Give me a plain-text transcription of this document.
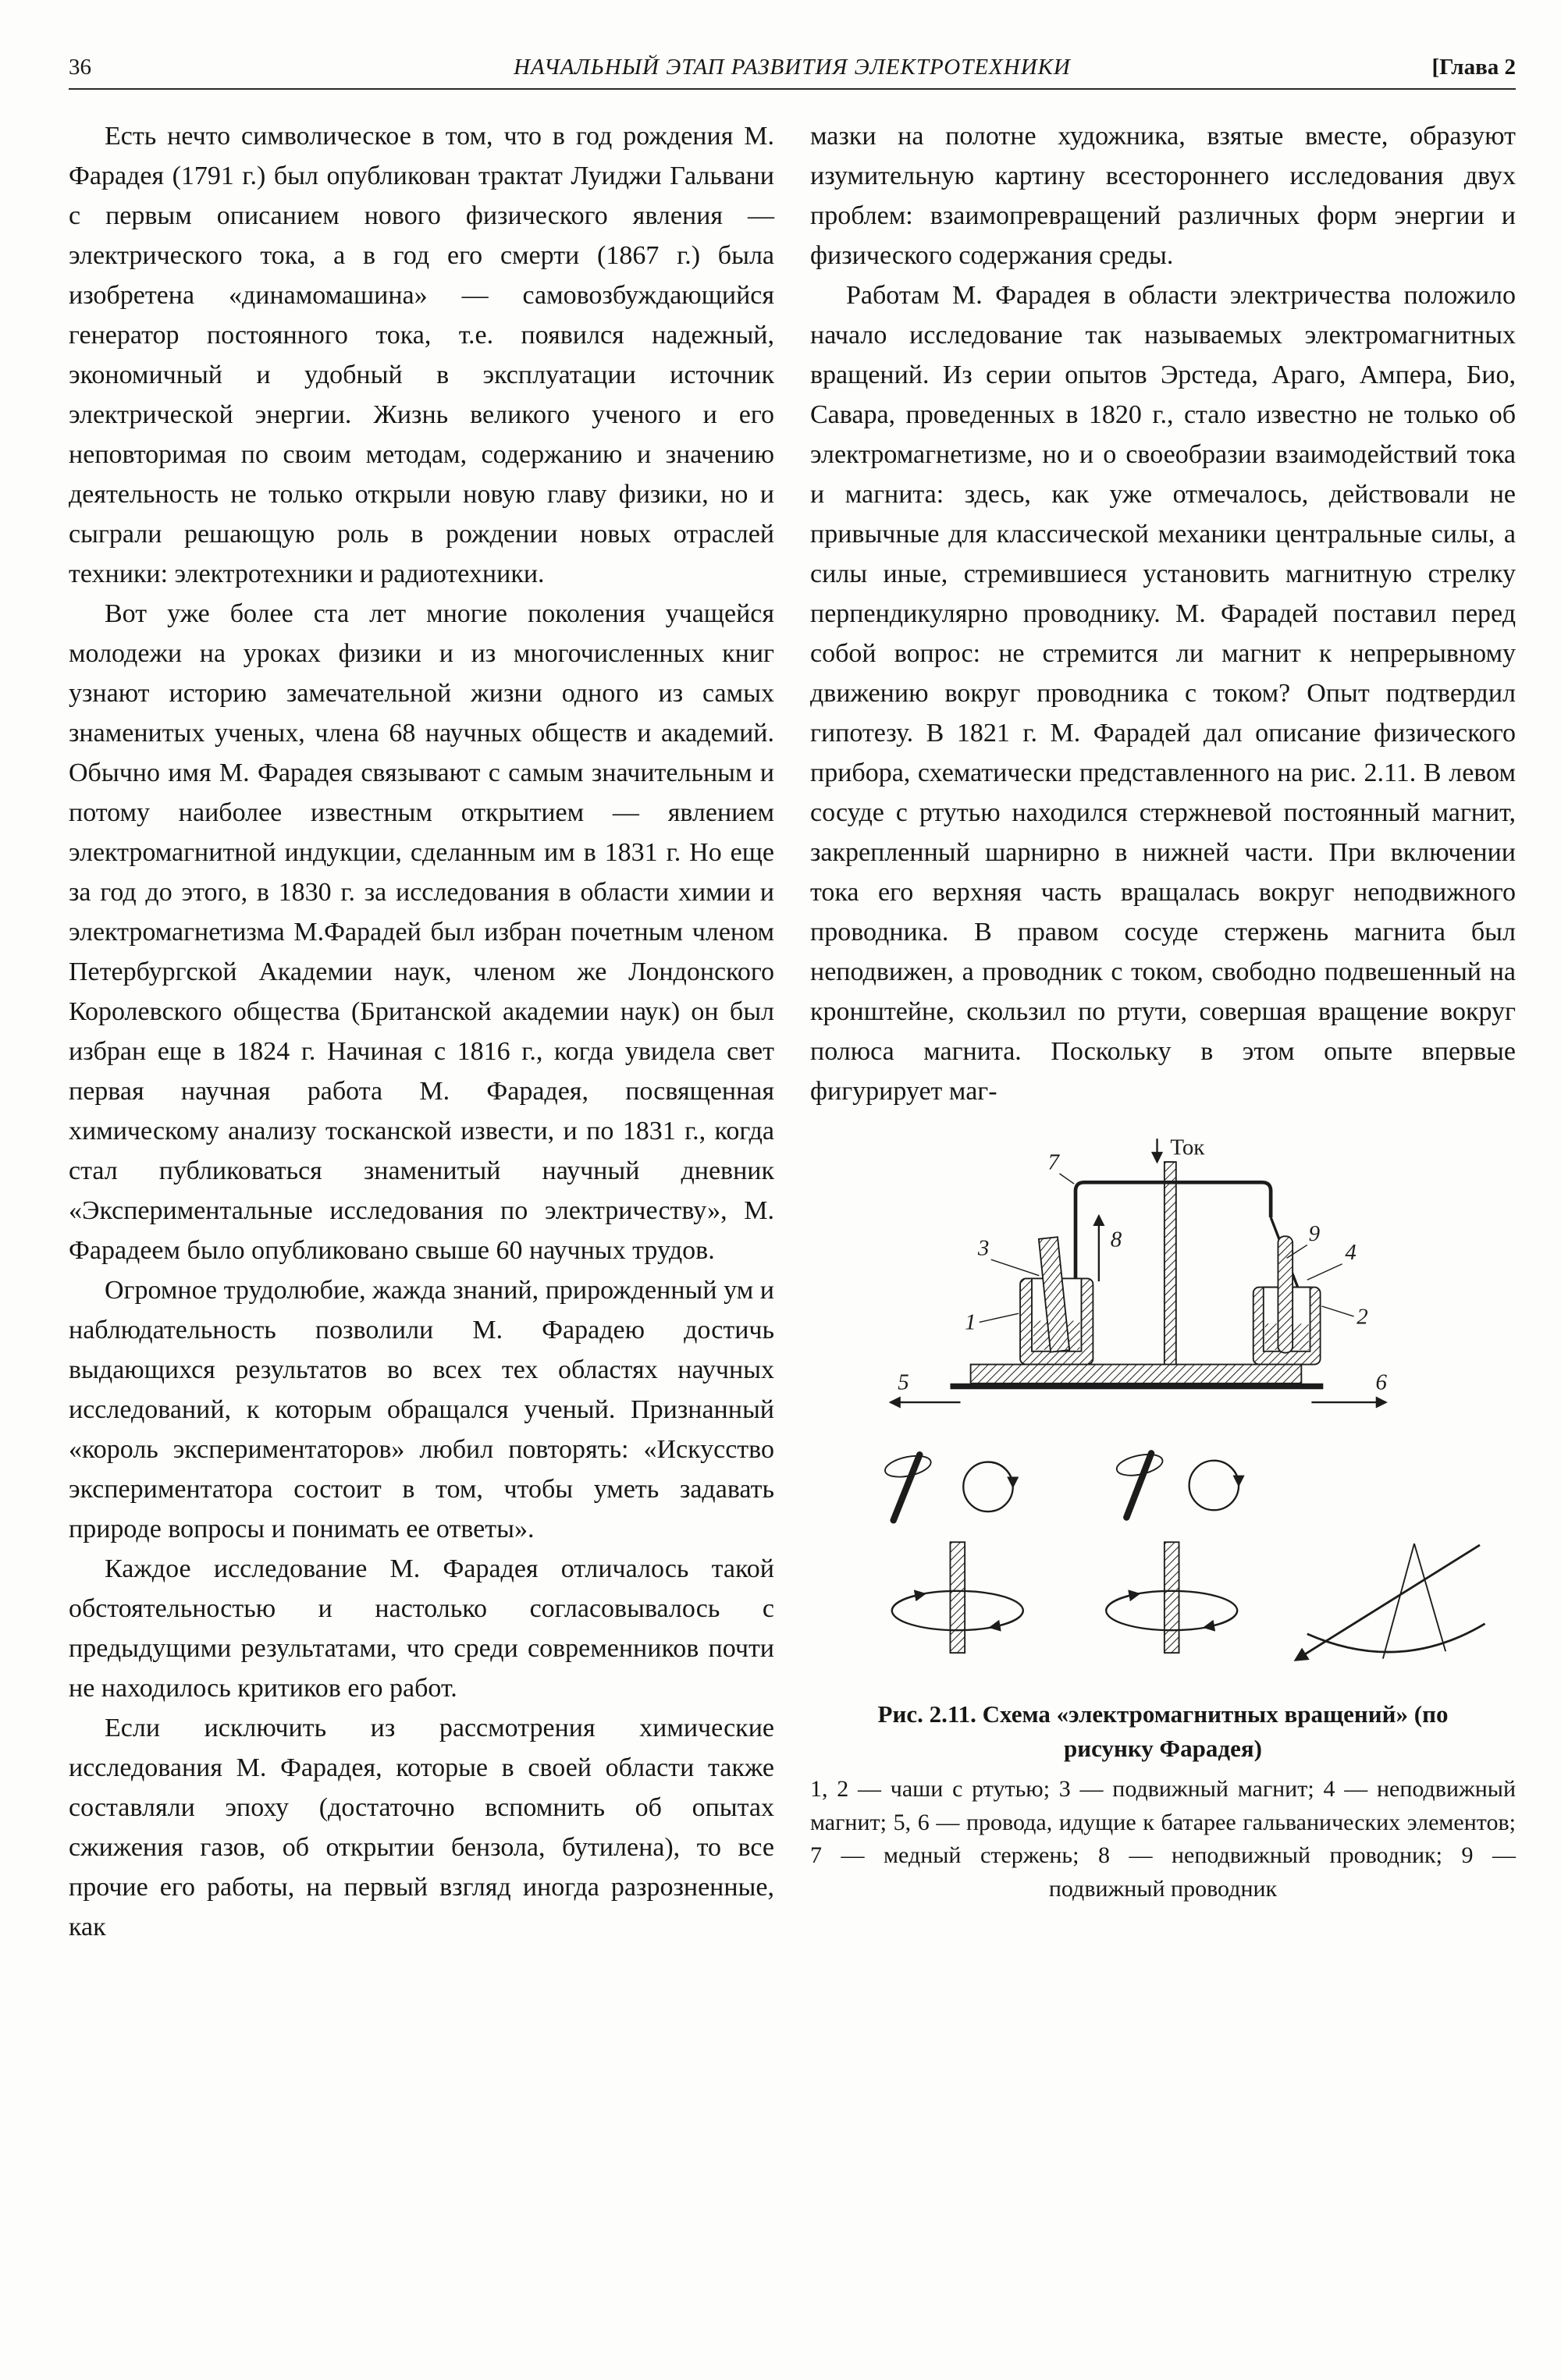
36	НАЧАЛЬНЫЙ ЭТАП РАЗВИТИЯ ЭЛЕКТРОТЕХНИКИ	[Глава 2

Есть нечто символическое в том, что в год рождения М. Фарадея (1791 г.) был опубликован трактат Луиджи Гальвани с первым описанием нового физического явления — электрического тока, а в год его смерти (1867 г.) была изобретена «динамомашина» — самовозбуждающийся генератор постоянного тока, т.е. появился надежный, экономичный и удобный в эксплуатации источник электрической энергии. Жизнь великого ученого и его неповторимая по своим методам, содержанию и значению деятельность не только открыли новую главу физики, но и сыграли решающую роль в рождении новых отраслей техники: электротехники и радиотехники.

Вот уже более ста лет многие поколения учащейся молодежи на уроках физики и из многочисленных книг узнают историю замечательной жизни одного из самых знаменитых ученых, члена 68 научных обществ и академий. Обычно имя М. Фарадея связывают с самым значительным и потому наиболее известным открытием — явлением электромагнитной индукции, сделанным им в 1831 г. Но еще за год до этого, в 1830 г. за исследования в области химии и электромагнетизма М.Фарадей был избран почетным членом Петербургской Академии наук, членом же Лондонского Королевского общества (Британской академии наук) он был избран еще в 1824 г. Начиная с 1816 г., когда увидела свет первая научная работа М. Фарадея, посвященная химическому анализу тосканской извести, и по 1831 г., когда стал публиковаться знаменитый научный дневник «Экспериментальные исследования по электричеству», М. Фарадеем было опубликовано свыше 60 научных трудов.

Огромное трудолюбие, жажда знаний, прирожденный ум и наблюдательность позволили М. Фарадею достичь выдающихся результатов во всех тех областях научных исследований, к которым обращался ученый. Признанный «король экспериментаторов» любил повторять: «Искусство экспериментатора состоит в том, чтобы уметь задавать природе вопросы и понимать ее ответы».

Каждое исследование М. Фарадея отличалось такой обстоятельностью и настолько согласовывалось с предыдущими результатами, что среди современников почти не находилось критиков его работ.

Если исключить из рассмотрения химические исследования М. Фарадея, которые в своей области также составляли эпоху (достаточно вспомнить об опытах сжижения газов, об открытии бензола, бутилена), то все прочие его работы, на первый взгляд иногда разрозненные, как

мазки на полотне художника, взятые вместе, образуют изумительную картину всестороннего исследования двух проблем: взаимопревращений различных форм энергии и физического содержания среды.

Работам М. Фарадея в области электричества положило начало исследование так называемых электромагнитных вращений. Из серии опытов Эрстеда, Араго, Ампера, Био, Савара, проведенных в 1820 г., стало известно не только об электромагнетизме, но и о своеобразии взаимодействий тока и магнита: здесь, как уже отмечалось, действовали не привычные для классической механики центральные силы, а силы иные, стремившиеся установить магнитную стрелку перпендикулярно проводнику. М. Фарадей поставил перед собой вопрос: не стремится ли магнит к непрерывному движению вокруг проводника с током? Опыт подтвердил гипотезу. В 1821 г. М. Фарадей дал описание физического прибора, схематически представленного на рис. 2.11. В левом сосуде с ртутью находился стержневой постоянный магнит, закрепленный шарнирно в нижней части. При включении тока его верхняя часть вращалась вокруг неподвижного проводника. В правом сосуде стержень магнита был неподвижен, а проводник с током, свободно подвешенный на кронштейне, скользил по ртути, совершая вращение вокруг полюса магнита. Поскольку в этом опыте впервые фигурирует маг-

Ток
7
8	9
3
1
4
2
5	6
Рис. 2.11. Схема «электромагнитных вращений» (по рисунку Фарадея)
1, 2 — чаши с ртутью; 3 — подвижный магнит; 4 — неподвижный магнит; 5, 6 — провода, идущие к батарее гальванических элементов; 7 — медный стержень; 8 — неподвижный проводник; 9 — подвижный проводник
